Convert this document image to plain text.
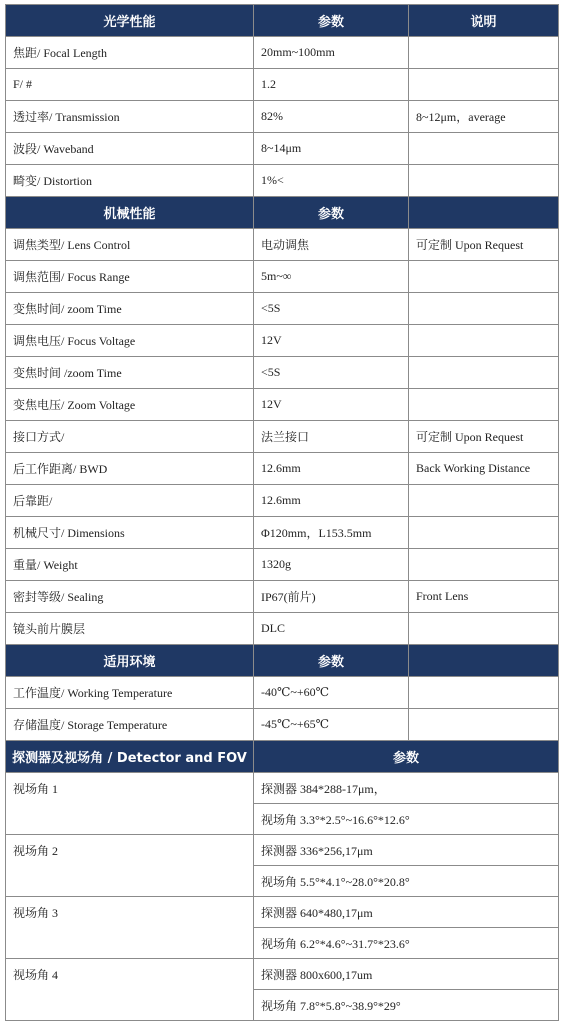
光学性能	参数	说明
焦距/ Focal Length	20mm~100mm	
F/ #	1.2	
透过率/ Transmission	82%	8~12μm，average
波段/ Waveband	8~14μm	
畸变/ Distortion	1%<	
机械性能	参数	
调焦类型/ Lens Control	电动调焦	可定制 Upon Request
调焦范围/ Focus Range	5m~∞	
变焦时间/ zoom Time	<5S	
调焦电压/ Focus Voltage	12V	
变焦时间 /zoom Time	<5S	
变焦电压/ Zoom Voltage	12V	
接口方式/	法兰接口	可定制 Upon Request
后工作距离/ BWD	12.6mm	Back Working Distance
后靠距/	12.6mm	
机械尺寸/ Dimensions	Φ120mm，L153.5mm	
重量/ Weight	1320g	
密封等级/ Sealing	IP67(前片)	Front Lens
镜头前片膜层	DLC	
适用环境	参数	
工作温度/ Working Temperature	-40℃~+60℃	
存储温度/ Storage Temperature	-45℃~+65℃	
探测器及视场角 / Detector and FOV	参数	
视场角 1	探测器 384*288-17μm，	
	视场角 3.3°*2.5°~16.6°*12.6°	
视场角 2	探测器 336*256,17μm	
	视场角 5.5°*4.1°~28.0°*20.8°	
视场角 3	探测器 640*480,17μm	
	视场角 6.2°*4.6°~31.7°*23.6°	
视场角 4	探测器 800x600,17um	
	视场角 7.8°*5.8°~38.9°*29°	
